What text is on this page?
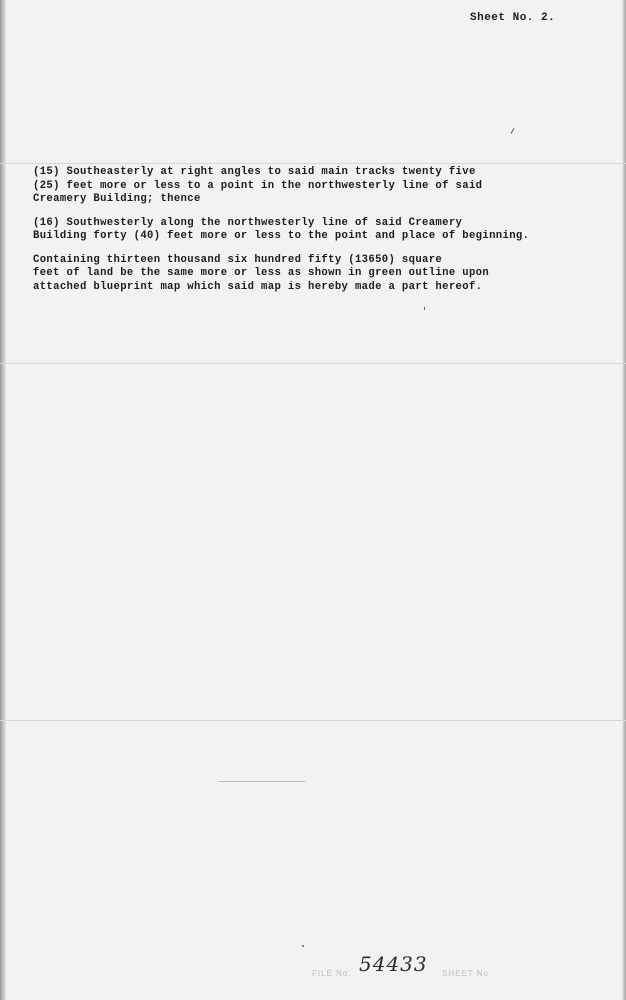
Sheet No. 2.

(15) Southeasterly at right angles to said main tracks twenty five
(25) feet more or less to a point in the northwesterly line of said
Creamery Building; thence

(16) Southwesterly along the northwesterly line of said Creamery
Building forty (40) feet more or less to the point and place of beginning.

Containing thirteen thousand six hundred fifty (13650) square
feet of land be the same more or less as shown in green outline upon
attached blueprint map which said map is hereby made a part hereof.

FILE No.	SHEET No.
54433
